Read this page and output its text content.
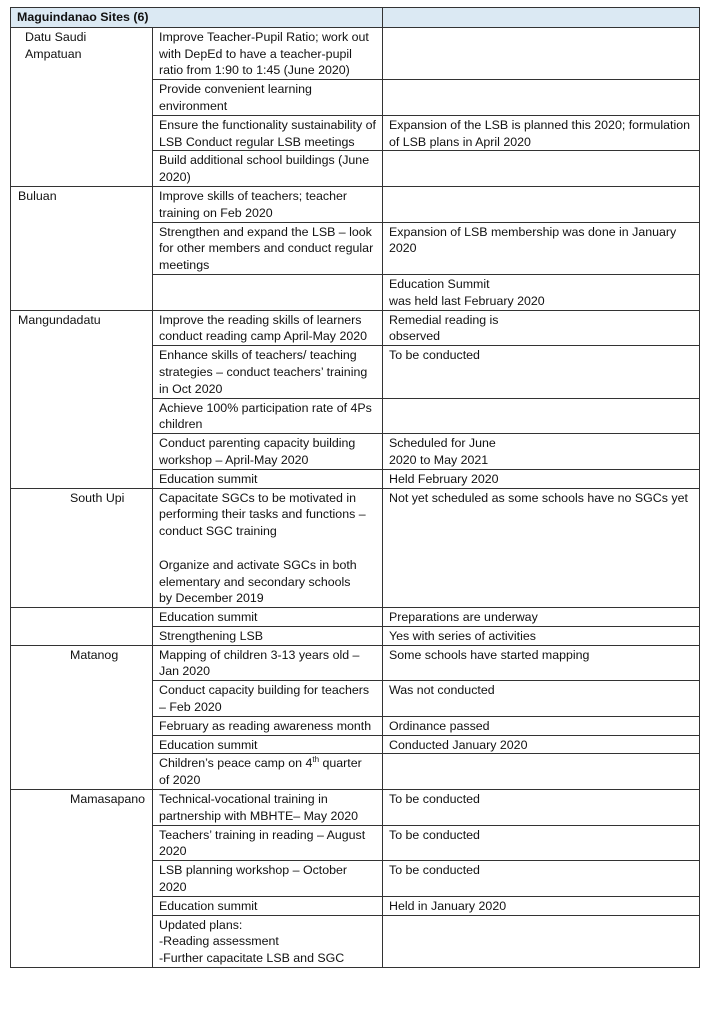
Maguindanao Sites (6)		
Datu Saudi
Ampatuan	Improve Teacher-Pupil Ratio; work out with DepEd to have a teacher-pupil ratio from 1:90 to 1:45 (June 2020)	
	Provide convenient learning environment	
	Ensure the functionality sustainability of LSB Conduct regular LSB meetings	Expansion of the LSB is planned this 2020; formulation of LSB plans in April 2020
	Build additional school buildings (June 2020)	
Buluan	Improve skills of teachers; teacher training on Feb 2020	
	Strengthen and expand the LSB – look for other members and conduct regular meetings	Expansion of LSB membership was done in January 2020
		Education Summit
was held last February 2020
Mangundadatu	Improve the reading skills of learners conduct reading camp April-May 2020	Remedial reading is
observed
	Enhance skills of teachers/ teaching strategies – conduct teachers’ training in Oct 2020	To be conducted
	Achieve 100% participation rate of 4Ps children	
	Conduct parenting capacity building workshop – April-May 2020	Scheduled for June
2020 to May 2021
	Education summit	Held February 2020
South Upi	Capacitate SGCs to be motivated in performing their tasks and functions – conduct SGC training

Organize and activate SGCs in both elementary and secondary schools
by December 2019	Not yet scheduled as some schools have no SGCs yet
	Education summit	Preparations are underway
	Strengthening LSB	Yes with series of activities
Matanog	Mapping of children 3-13 years old – Jan 2020	Some schools have started mapping
	Conduct capacity building for teachers – Feb 2020	Was not conducted
	February as reading awareness month	Ordinance passed
	Education summit	Conducted January 2020
	Children’s peace camp on 4th quarter
of 2020	
Mamasapano	Technical-vocational training in partnership with MBHTE– May 2020	To be conducted
	Teachers’ training in reading – August 2020	To be conducted
	LSB planning workshop – October 2020	To be conducted
	Education summit	Held in January 2020
	Updated plans:
-Reading assessment
-Further capacitate LSB and SGC	
